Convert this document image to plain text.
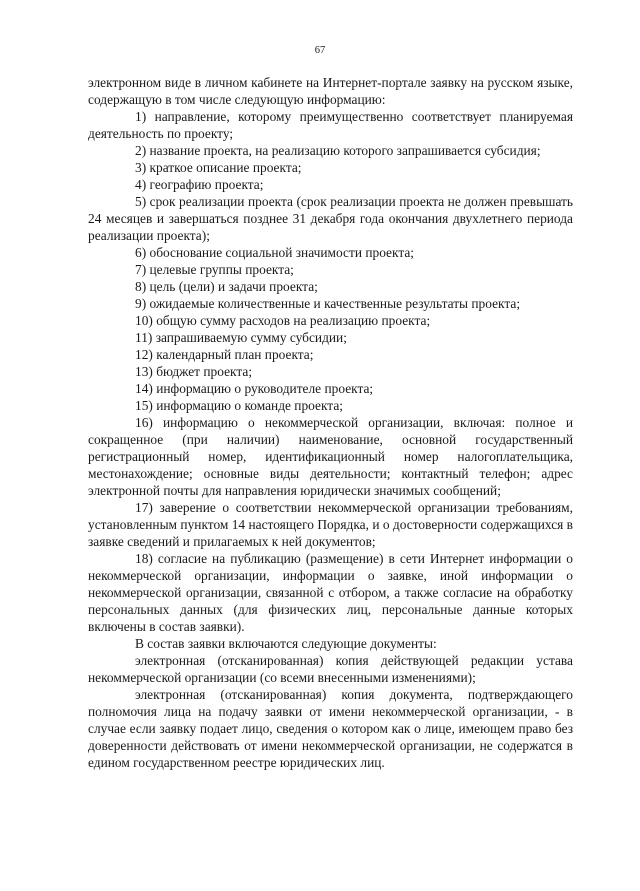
67

электронном виде в личном кабинете на Интернет-портале заявку на русском языке, содержащую в том числе следующую информацию:

1) направление, которому преимущественно соответствует планируемая деятельность по проекту;

2) название проекта, на реализацию которого запрашивается субсидия;

3) краткое описание проекта;

4) географию проекта;

5) срок реализации проекта (срок реализации проекта не должен превышать 24 месяцев и завершаться позднее 31 декабря года окончания двухлетнего периода реализации проекта);

6) обоснование социальной значимости проекта;

7) целевые группы проекта;

8) цель (цели) и задачи проекта;

9) ожидаемые количественные и качественные результаты проекта;

10) общую сумму расходов на реализацию проекта;

11) запрашиваемую сумму субсидии;

12) календарный план проекта;

13) бюджет проекта;

14) информацию о руководителе проекта;

15) информацию о команде проекта;

16) информацию о некоммерческой организации, включая: полное и сокращенное (при наличии) наименование, основной государственный регистрационный номер, идентификационный номер налогоплательщика, местонахождение; основные виды деятельности; контактный телефон; адрес электронной почты для направления юридически значимых сообщений;

17) заверение о соответствии некоммерческой организации требованиям, установленным пунктом 14 настоящего Порядка, и о достоверности содержащихся в заявке сведений и прилагаемых к ней документов;

18) согласие на публикацию (размещение) в сети Интернет информации о некоммерческой организации, информации о заявке, иной информации о некоммерческой организации, связанной с отбором, а также согласие на обработку персональных данных (для физических лиц, персональные данные которых включены в состав заявки).

В состав заявки включаются следующие документы:

электронная (отсканированная) копия действующей редакции устава некоммерческой организации (со всеми внесенными изменениями);

электронная (отсканированная) копия документа, подтверждающего полномочия лица на подачу заявки от имени некоммерческой организации, - в случае если заявку подает лицо, сведения о котором как о лице, имеющем право без доверенности действовать от имени некоммерческой организации, не содержатся в едином государственном реестре юридических лиц.
